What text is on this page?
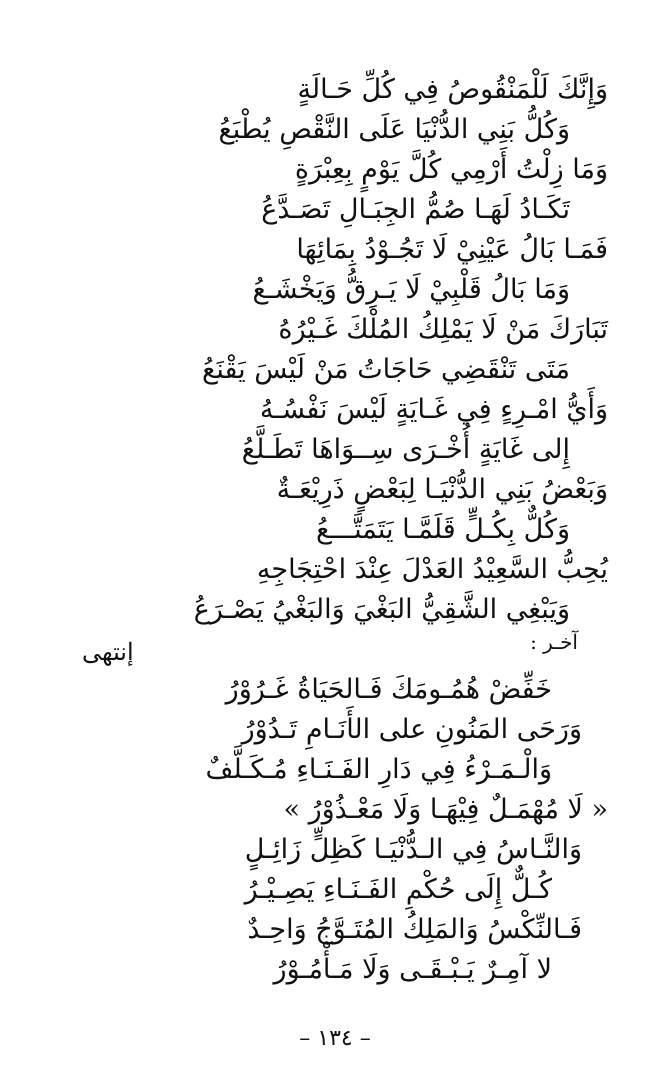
وَإِنَّكَ لَلْمَنْقُوصُ فِي كُلِّ حَـالَةٍ
وَكُلُّ بَنِي الدُّنْيَا عَلَى النَّقْصِ يُطْبَعُ
وَمَا زِلْتُ أَرْمِي كُلَّ يَوْمٍ بِعِبْرَةٍ
تَكَـادُ لَهَـا صُمُّ الجِبَـالِ تَصَـدَّعُ
فَمَـا بَالُ عَيْنِيْ لَا تَجُـوْدُ بِمَائِهَا
وَمَا بَالُ قَلْبِيْ لَا يَـرِقُّ وَيَخْشَـعُ
تَبَارَكَ مَنْ لَا يَمْلِكُ المُلْكَ غَـيْرُهُ
مَتَى تَنْقَضِي حَاجَاتُ مَنْ لَيْسَ يَقْنَعُ
وَأَيُّ امْـرِءٍ فِي غَـايَةٍ لَيْسَ نَفْسُـهُ
إِلى غَايَةٍ أُخْـرَى سِــوَاهَا تَطَـلَّعُ
وَبَعْضُ بَنِي الدُّنْيَـا لِبَعْضٍ ذَرِيْعَـةٌ
وَكُلٌّ بِكُـلٍّ قَلَمَّـا يَتَمَتَّـــعُ
يُحِبُّ السَّعِيْدُ العَدْلَ عِنْدَ احْتِجَاجِهِ
وَيَبْغِي الشَّقِيُّ البَغْيَ وَالبَغْيُ يَصْـرَعُ
آخـر :
إنتهى
خَفِّضْ هُمُـومَكَ فَـالحَيَاةُ غَـرُوْرُ
وَرَحَى المَنُونِ على الأَنَـامِ تَـدُوْرُ
وَالْـمَـرْءُ فِي دَارِ الفَـنَـاءِ مُـكَـلَّفٌ
« لَا مُهْمَـلٌ فِيْهَـا وَلَا مَعْـذُوْرُ »
وَالنَّـاسُ فِي الـدُّنْيَـا كَظِلٍّ زَائِـلٍ
كُـلٌّ إِلَى حُكْمِ الفَـنَـاءِ يَصِـيْـرُ
فَـالنِّكْسُ وَالمَلِكُ المُتَـوَّجُ وَاحِـدٌ
لا آمِـرٌ يَـبْـقَـى وَلَا مَـأْمُـوْرُ
– ١٣٤ –
